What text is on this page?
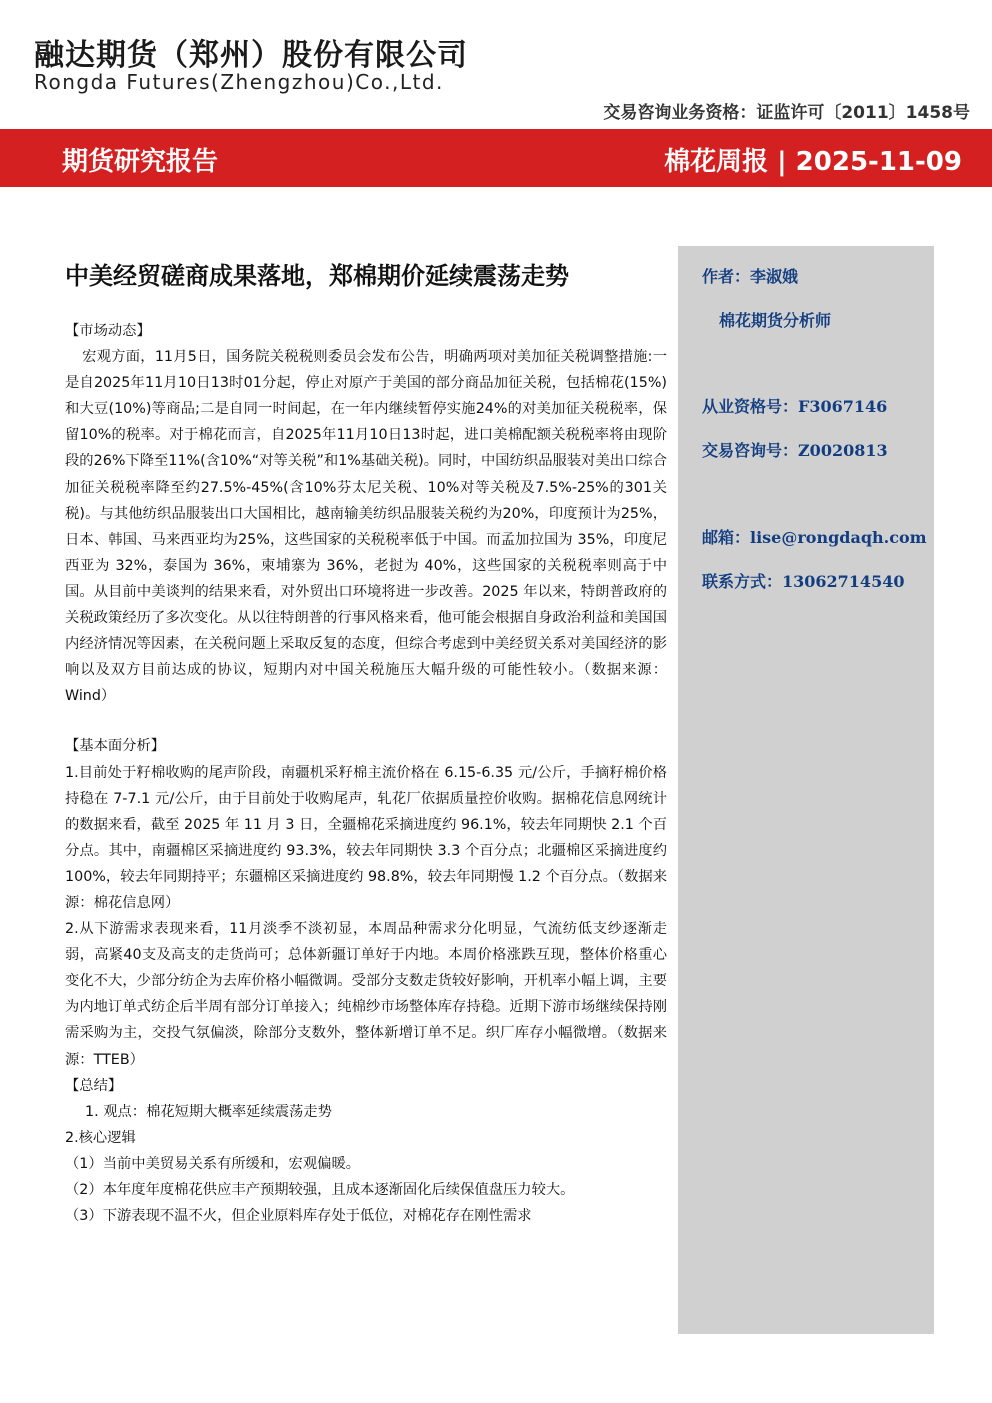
融达期货（郑州）股份有限公司
Rongda Futures(Zhengzhou)Co.,Ltd.
交易咨询业务资格：证监许可〔2011〕1458号
期货研究报告	棉花周报 | 2025-11-09
作者：李淑娥
棉花期货分析师
从业资格号：F3067146
交易咨询号：Z0020813
邮箱：lise@rongdaqh.com
联系方式：13062714540
中美经贸磋商成果落地，郑棉期价延续震荡走势

【市场动态】

宏观方面，11月5日，国务院关税税则委员会发布公告，明确两项对美加征关税调整措施:一是自2025年11月10日13时01分起，停止对原产于美国的部分商品加征关税，包括棉花(15%)和大豆(10%)等商品;二是自同一时间起，在一年内继续暂停实施24%的对美加征关税税率，保留10%的税率。对于棉花而言，自2025年11月10日13时起，进口美棉配额关税税率将由现阶段的26%下降至11%(含10%“对等关税”和1%基础关税)。同时，中国纺织品服装对美出口综合加征关税税率降至约27.5%-45%(含10%芬太尼关税、10%对等关税及7.5%-25%的301关税)。与其他纺织品服装出口大国相比，越南输美纺织品服装关税约为20%，印度预计为25%，日本、韩国、马来西亚均为25%，这些国家的关税税率低于中国。而孟加拉国为 35%，印度尼西亚为 32%，泰国为 36%，柬埔寨为 36%，老挝为 40%，这些国家的关税税率则高于中国。从目前中美谈判的结果来看，对外贸出口环境将进一步改善。2025 年以来，特朗普政府的关税政策经历了多次变化。从以往特朗普的行事风格来看，他可能会根据自身政治利益和美国国内经济情况等因素，在关税问题上采取反复的态度，但综合考虑到中美经贸关系对美国经济的影响以及双方目前达成的协议，短期内对中国关税施压大幅升级的可能性较小。（数据来源：Wind）

【基本面分析】

1.目前处于籽棉收购的尾声阶段，南疆机采籽棉主流价格在 6.15-6.35 元/公斤，手摘籽棉价格持稳在 7-7.1 元/公斤，由于目前处于收购尾声，轧花厂依据质量控价收购。据棉花信息网统计的数据来看，截至 2025 年 11 月 3 日，全疆棉花采摘进度约 96.1%，较去年同期快 2.1 个百分点。其中，南疆棉区采摘进度约 93.3%，较去年同期快 3.3 个百分点；北疆棉区采摘进度约 100%，较去年同期持平；东疆棉区采摘进度约 98.8%，较去年同期慢 1.2 个百分点。（数据来源：棉花信息网）

2.从下游需求表现来看，11月淡季不淡初显，本周品种需求分化明显，气流纺低支纱逐渐走弱，高紧40支及高支的走货尚可；总体新疆订单好于内地。本周价格涨跌互现，整体价格重心变化不大，少部分纺企为去库价格小幅微调。受部分支数走货较好影响，开机率小幅上调，主要为内地订单式纺企后半周有部分订单接入；纯棉纱市场整体库存持稳。近期下游市场继续保持刚需采购为主，交投气氛偏淡，除部分支数外，整体新增订单不足。织厂库存小幅微增。（数据来源：TTEB）

【总结】

1. 观点：棉花短期大概率延续震荡走势

2.核心逻辑

（1）当前中美贸易关系有所缓和，宏观偏暖。

（2）本年度年度棉花供应丰产预期较强，且成本逐渐固化后续保值盘压力较大。

（3）下游表现不温不火，但企业原料库存处于低位，对棉花存在刚性需求
